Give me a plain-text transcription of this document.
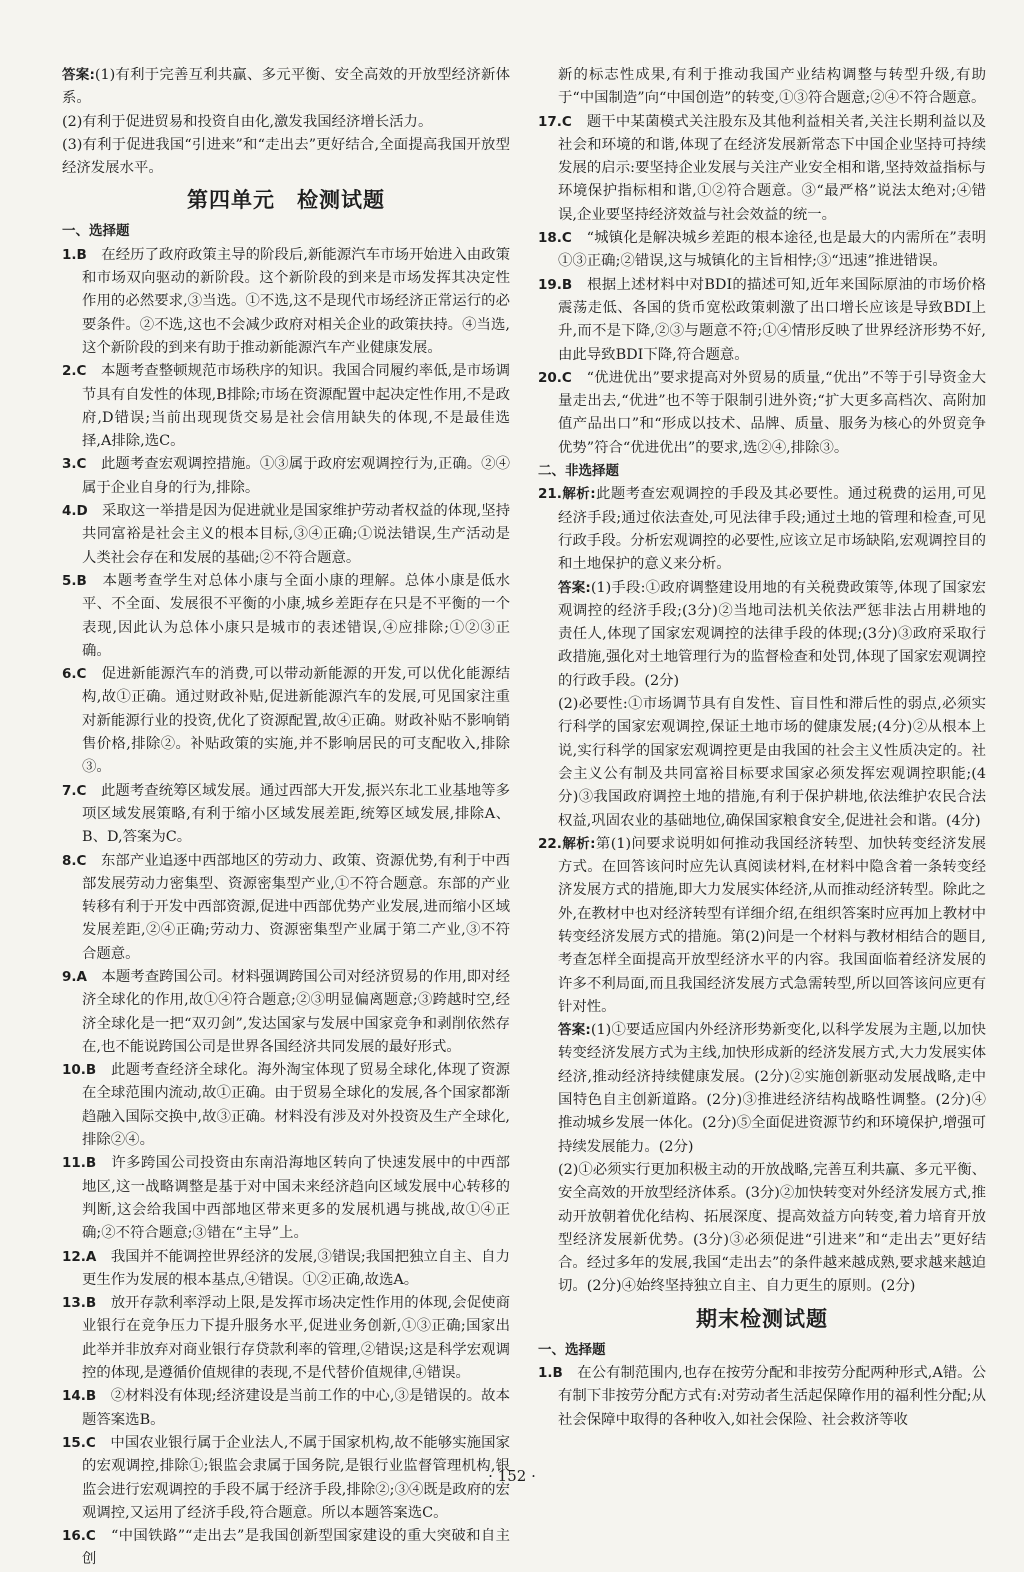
答案:(1)有利于完善互利共赢、多元平衡、安全高效的开放型经济新体系。

(2)有利于促进贸易和投资自由化,激发我国经济增长活力。

(3)有利于促进我国“引进来”和“走出去”更好结合,全面提高我国开放型经济发展水平。

第四单元　检测试题

一、选择题

1.B　 在经历了政府政策主导的阶段后,新能源汽车市场开始进入由政策和市场双向驱动的新阶段。这个新阶段的到来是市场发挥其决定性作用的必然要求,③当选。①不选,这不是现代市场经济正常运行的必要条件。②不选,这也不会减少政府对相关企业的政策扶持。④当选,这个新阶段的到来有助于推动新能源汽车产业健康发展。

2.C　 本题考查整顿规范市场秩序的知识。我国合同履约率低,是市场调节具有自发性的体现,B排除;市场在资源配置中起决定性作用,不是政府,D错误;当前出现现货交易是社会信用缺失的体现,不是最佳选择,A排除,选C。

3.C　 此题考查宏观调控措施。①③属于政府宏观调控行为,正确。②④属于企业自身的行为,排除。

4.D　 采取这一举措是因为促进就业是国家维护劳动者权益的体现,坚持共同富裕是社会主义的根本目标,③④正确;①说法错误,生产活动是人类社会存在和发展的基础;②不符合题意。

5.B　 本题考查学生对总体小康与全面小康的理解。总体小康是低水平、不全面、发展很不平衡的小康,城乡差距存在只是不平衡的一个表现,因此认为总体小康只是城市的表述错误,④应排除;①②③正确。

6.C　 促进新能源汽车的消费,可以带动新能源的开发,可以优化能源结构,故①正确。通过财政补贴,促进新能源汽车的发展,可见国家注重对新能源行业的投资,优化了资源配置,故④正确。财政补贴不影响销售价格,排除②。补贴政策的实施,并不影响居民的可支配收入,排除③。

7.C　 此题考查统筹区域发展。通过西部大开发,振兴东北工业基地等多项区域发展策略,有利于缩小区域发展差距,统筹区域发展,排除A、B、D,答案为C。

8.C　 东部产业追逐中西部地区的劳动力、政策、资源优势,有利于中西部发展劳动力密集型、资源密集型产业,①不符合题意。东部的产业转移有利于开发中西部资源,促进中西部优势产业发展,进而缩小区域发展差距,②④正确;劳动力、资源密集型产业属于第二产业,③不符合题意。

9.A　 本题考查跨国公司。材料强调跨国公司对经济贸易的作用,即对经济全球化的作用,故①④符合题意;②③明显偏离题意;③跨越时空,经济全球化是一把“双刃剑”,发达国家与发展中国家竞争和剥削依然存在,也不能说跨国公司是世界各国经济共同发展的最好形式。

10.B　 此题考查经济全球化。海外淘宝体现了贸易全球化,体现了资源在全球范围内流动,故①正确。由于贸易全球化的发展,各个国家都渐趋融入国际交换中,故③正确。材料没有涉及对外投资及生产全球化,排除②④。

11.B　 许多跨国公司投资由东南沿海地区转向了快速发展中的中西部地区,这一战略调整是基于对中国未来经济趋向区域发展中心转移的判断,这会给我国中西部地区带来更多的发展机遇与挑战,故①④正确;②不符合题意;③错在“主导”上。

12.A　 我国并不能调控世界经济的发展,③错误;我国把独立自主、自力更生作为发展的根本基点,④错误。①②正确,故选A。

13.B　 放开存款利率浮动上限,是发挥市场决定性作用的体现,会促使商业银行在竞争压力下提升服务水平,促进业务创新,①③正确;国家出此举并非放弃对商业银行存贷款利率的管理,②错误;这是科学宏观调控的体现,是遵循价值规律的表现,不是代替价值规律,④错误。

14.B　 ②材料没有体现;经济建设是当前工作的中心,③是错误的。故本题答案选B。

15.C　 中国农业银行属于企业法人,不属于国家机构,故不能够实施国家的宏观调控,排除①;银监会隶属于国务院,是银行业监督管理机构,银监会进行宏观调控的手段不属于经济手段,排除②;③④既是政府的宏观调控,又运用了经济手段,符合题意。所以本题答案选C。

16.C　 “中国铁路”“走出去”是我国创新型国家建设的重大突破和自主创

新的标志性成果,有利于推动我国产业结构调整与转型升级,有助于“中国制造”向“中国创造”的转变,①③符合题意;②④不符合题意。

17.C　 题干中某菌模式关注股东及其他利益相关者,关注长期利益以及社会和环境的和谐,体现了在经济发展新常态下中国企业坚持可持续发展的启示:要坚持企业发展与关注产业安全相和谐,坚持效益指标与环境保护指标相和谐,①②符合题意。③“最严格”说法太绝对;④错误,企业要坚持经济效益与社会效益的统一。

18.C　 “城镇化是解决城乡差距的根本途径,也是最大的内需所在”表明①③正确;②错误,这与城镇化的主旨相悖;③“迅速”推进错误。

19.B　 根据上述材料中对BDI的描述可知,近年来国际原油的市场价格震荡走低、各国的货币宽松政策刺激了出口增长应该是导致BDI上升,而不是下降,②③与题意不符;①④情形反映了世界经济形势不好,由此导致BDI下降,符合题意。

20.C　 “优进优出”要求提高对外贸易的质量,“优出”不等于引导资金大量走出去,“优进”也不等于限制引进外资;“扩大更多高档次、高附加值产品出口”和“形成以技术、品牌、质量、服务为核心的外贸竞争优势”符合“优进优出”的要求,选②④,排除③。

二、非选择题

21.解析:此题考查宏观调控的手段及其必要性。通过税费的运用,可见经济手段;通过依法查处,可见法律手段;通过土地的管理和检查,可见行政手段。分析宏观调控的必要性,应该立足市场缺陷,宏观调控目的和土地保护的意义来分析。

答案:(1)手段:①政府调整建设用地的有关税费政策等,体现了国家宏观调控的经济手段;(3分)②当地司法机关依法严惩非法占用耕地的责任人,体现了国家宏观调控的法律手段的体现;(3分)③政府采取行政措施,强化对土地管理行为的监督检查和处罚,体现了国家宏观调控的行政手段。(2分)

(2)必要性:①市场调节具有自发性、盲目性和滞后性的弱点,必须实行科学的国家宏观调控,保证土地市场的健康发展;(4分)②从根本上说,实行科学的国家宏观调控更是由我国的社会主义性质决定的。社会主义公有制及共同富裕目标要求国家必须发挥宏观调控职能;(4分)③我国政府调控土地的措施,有利于保护耕地,依法维护农民合法权益,巩固农业的基础地位,确保国家粮食安全,促进社会和谐。(4分)

22.解析:第(1)问要求说明如何推动我国经济转型、加快转变经济发展方式。在回答该问时应先认真阅读材料,在材料中隐含着一条转变经济发展方式的措施,即大力发展实体经济,从而推动经济转型。除此之外,在教材中也对经济转型有详细介绍,在组织答案时应再加上教材中转变经济发展方式的措施。第(2)问是一个材料与教材相结合的题目,考查怎样全面提高开放型经济水平的内容。我国面临着经济发展的许多不利局面,而且我国经济发展方式急需转型,所以回答该问应更有针对性。

答案:(1)①要适应国内外经济形势新变化,以科学发展为主题,以加快转变经济发展方式为主线,加快形成新的经济发展方式,大力发展实体经济,推动经济持续健康发展。(2分)②实施创新驱动发展战略,走中国特色自主创新道路。(2分)③推进经济结构战略性调整。(2分)④推动城乡发展一体化。(2分)⑤全面促进资源节约和环境保护,增强可持续发展能力。(2分)

(2)①必须实行更加积极主动的开放战略,完善互利共赢、多元平衡、安全高效的开放型经济体系。(3分)②加快转变对外经济发展方式,推动开放朝着优化结构、拓展深度、提高效益方向转变,着力培育开放型经济发展新优势。(3分)③必须促进“引进来”和“走出去”更好结合。经过多年的发展,我国“走出去”的条件越来越成熟,要求越来越迫切。(2分)④始终坚持独立自主、自力更生的原则。(2分)

期末检测试题

一、选择题

1.B　 在公有制范围内,也存在按劳分配和非按劳分配两种形式,A错。公有制下非按劳分配方式有:对劳动者生活起保障作用的福利性分配;从社会保障中取得的各种收入,如社会保险、社会救济等收

· 152 ·
